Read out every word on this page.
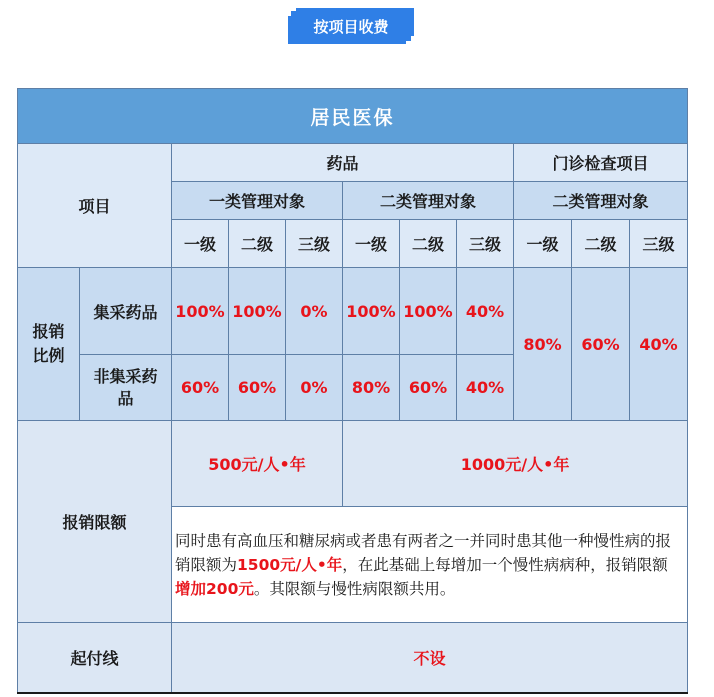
按项目收费
居民医保										
项目		药品						门诊检查项目		
		一类管理对象			二类管理对象			二类管理对象		
		一级	二级	三级	一级	二级	三级	一级	二级	三级

报销比例	集采药品	100%	100%	0%	100%	100%	40%	80%	60%	40%

	非集采药品	60%	60%	0%	80%	60%	40%			
报销限额		500元/人•年			1000元/人•年					
		同时患有高血压和糖尿病或者患有两者之一并同时患其他一种慢性病的报销限额为1500元/人•年，在此基础上每增加一个慢性病病种，报销限额增加200元。其限额与慢性病限额共用。								
起付线		不设								
